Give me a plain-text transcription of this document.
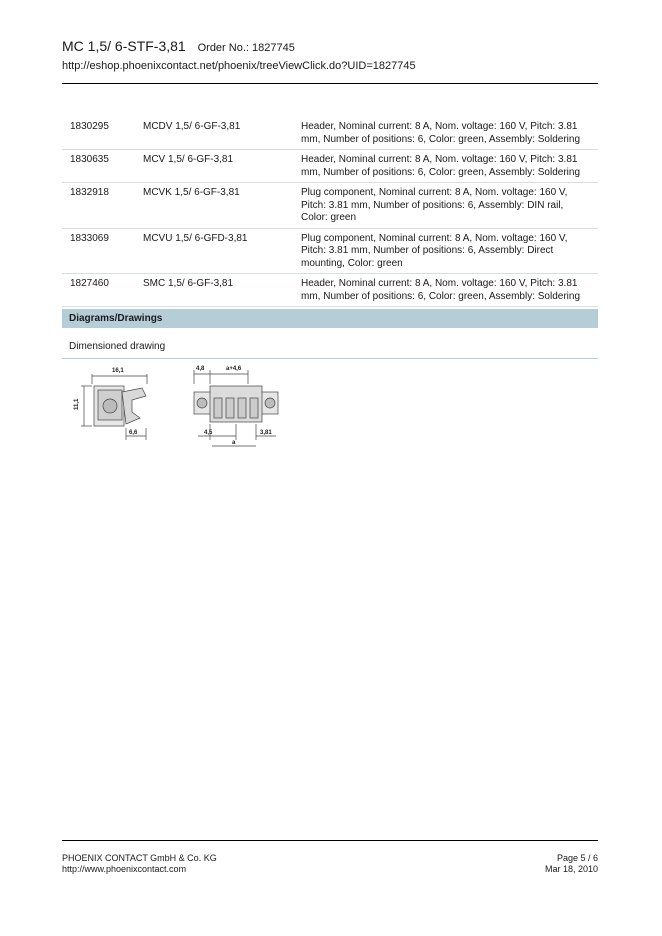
MC 1,5/ 6-STF-3,81 Order No.: 1827745
http://eshop.phoenixcontact.net/phoenix/treeViewClick.do?UID=1827745
1830295	MCDV 1,5/ 6-GF-3,81	Header, Nominal current: 8 A, Nom. voltage: 160 V, Pitch: 3.81 mm, Number of positions: 6, Color: green, Assembly: Soldering
1830635	MCV 1,5/ 6-GF-3,81	Header, Nominal current: 8 A, Nom. voltage: 160 V, Pitch: 3.81 mm, Number of positions: 6, Color: green, Assembly: Soldering
1832918	MCVK 1,5/ 6-GF-3,81	Plug component, Nominal current: 8 A, Nom. voltage: 160 V, Pitch: 3.81 mm, Number of positions: 6, Assembly: DIN rail, Color: green
1833069	MCVU 1,5/ 6-GFD-3,81	Plug component, Nominal current: 8 A, Nom. voltage: 160 V, Pitch: 3.81 mm, Number of positions: 6, Assembly: Direct mounting, Color: green
1827460	SMC 1,5/ 6-GF-3,81	Header, Nominal current: 8 A, Nom. voltage: 160 V, Pitch: 3.81 mm, Number of positions: 6, Color: green, Assembly: Soldering
Diagrams/Drawings
Dimensioned drawing
16,1
11,1
6,6
4,8	a+4,6
4,5	3,81
a
PHOENIX CONTACT GmbH & Co. KG
http://www.phoenixcontact.com
Page 5 / 6
Mar 18, 2010
